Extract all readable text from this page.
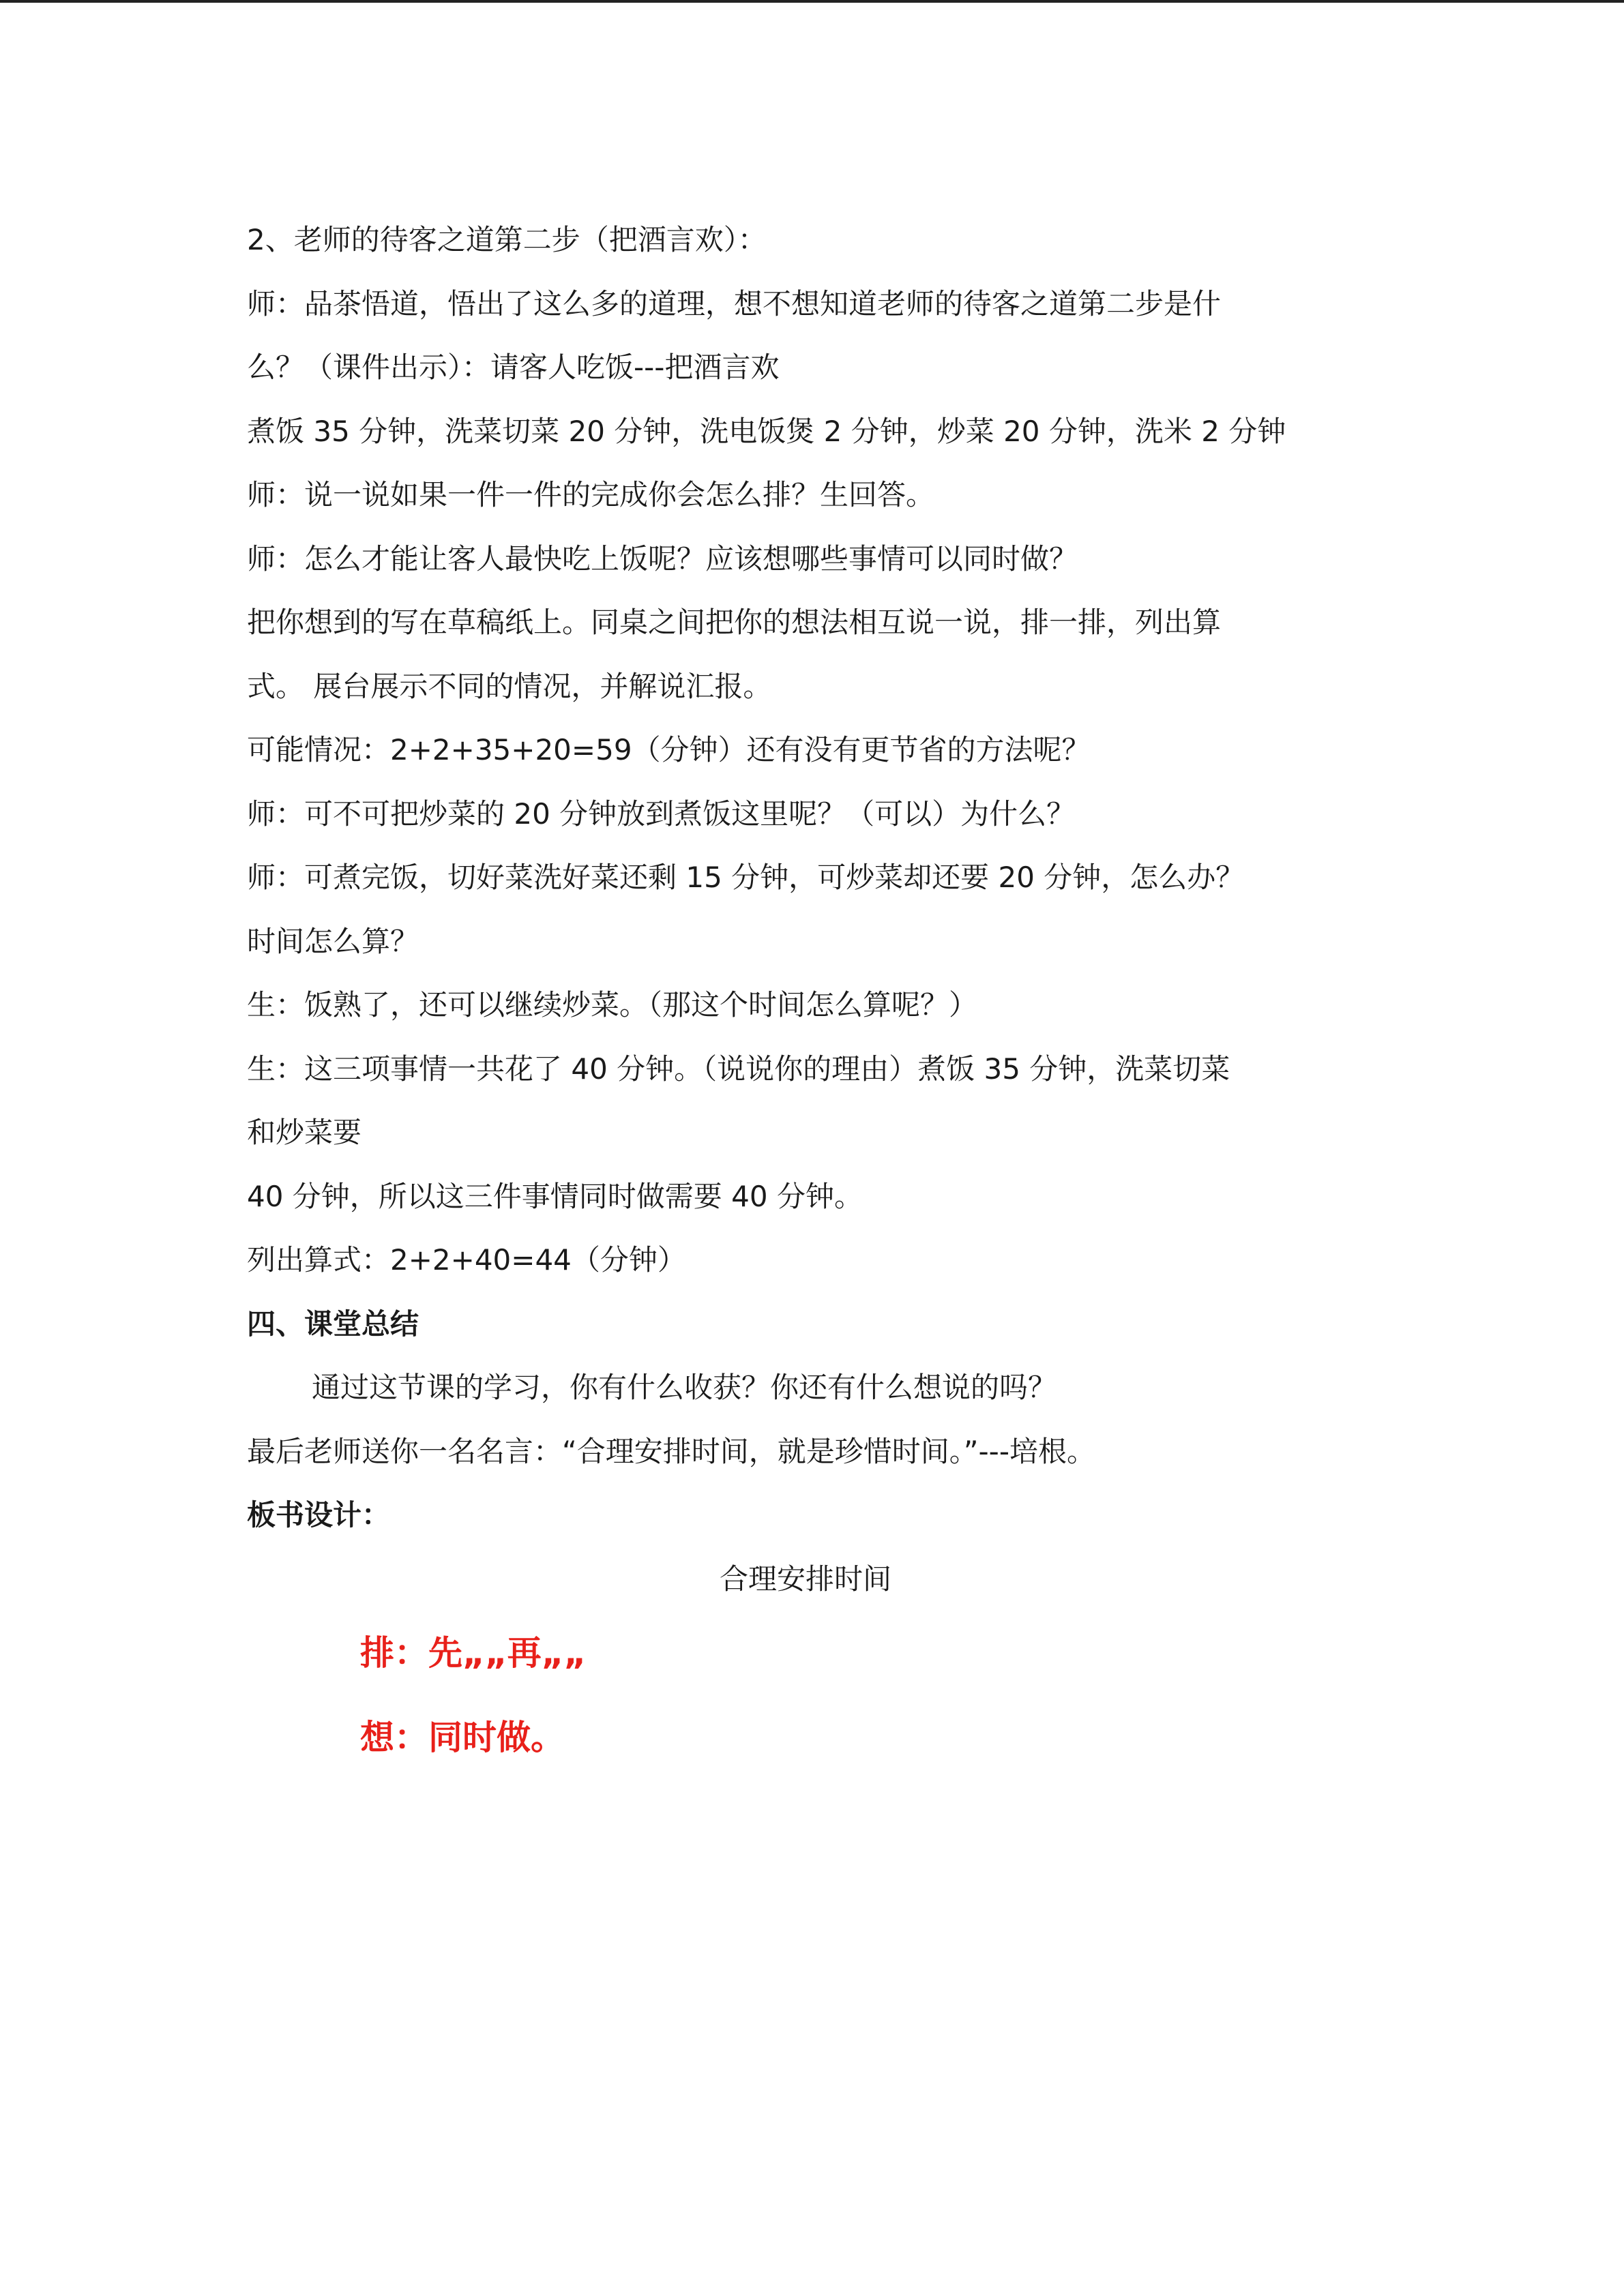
2、老师的待客之道第二步（把酒言欢）：
师：品茶悟道，悟出了这么多的道理，想不想知道老师的待客之道第二步是什
么？（课件出示）：请客人吃饭---把酒言欢
煮饭 35 分钟，洗菜切菜 20 分钟，洗电饭煲 2 分钟，炒菜 20 分钟，洗米 2 分钟
师：说一说如果一件一件的完成你会怎么排？生回答。
师：怎么才能让客人最快吃上饭呢？应该想哪些事情可以同时做？
把你想到的写在草稿纸上。同桌之间把你的想法相互说一说，排一排，列出算
式。 展台展示不同的情况，并解说汇报。
可能情况：2+2+35+20=59（分钟）还有没有更节省的方法呢？
师：可不可把炒菜的 20 分钟放到煮饭这里呢？（可以）为什么？
师：可煮完饭，切好菜洗好菜还剩 15 分钟，可炒菜却还要 20 分钟，怎么办？
时间怎么算？
生：饭熟了，还可以继续炒菜。（那这个时间怎么算呢？）
生：这三项事情一共花了 40 分钟。（说说你的理由）煮饭 35 分钟，洗菜切菜
和炒菜要
40 分钟，所以这三件事情同时做需要 40 分钟。
列出算式：2+2+40=44（分钟）
四、课堂总结
通过这节课的学习，你有什么收获？你还有什么想说的吗？
最后老师送你一名名言：“合理安排时间，就是珍惜时间。”---培根。
板书设计：
合理安排时间
排：先„„再„„
想：同时做。
